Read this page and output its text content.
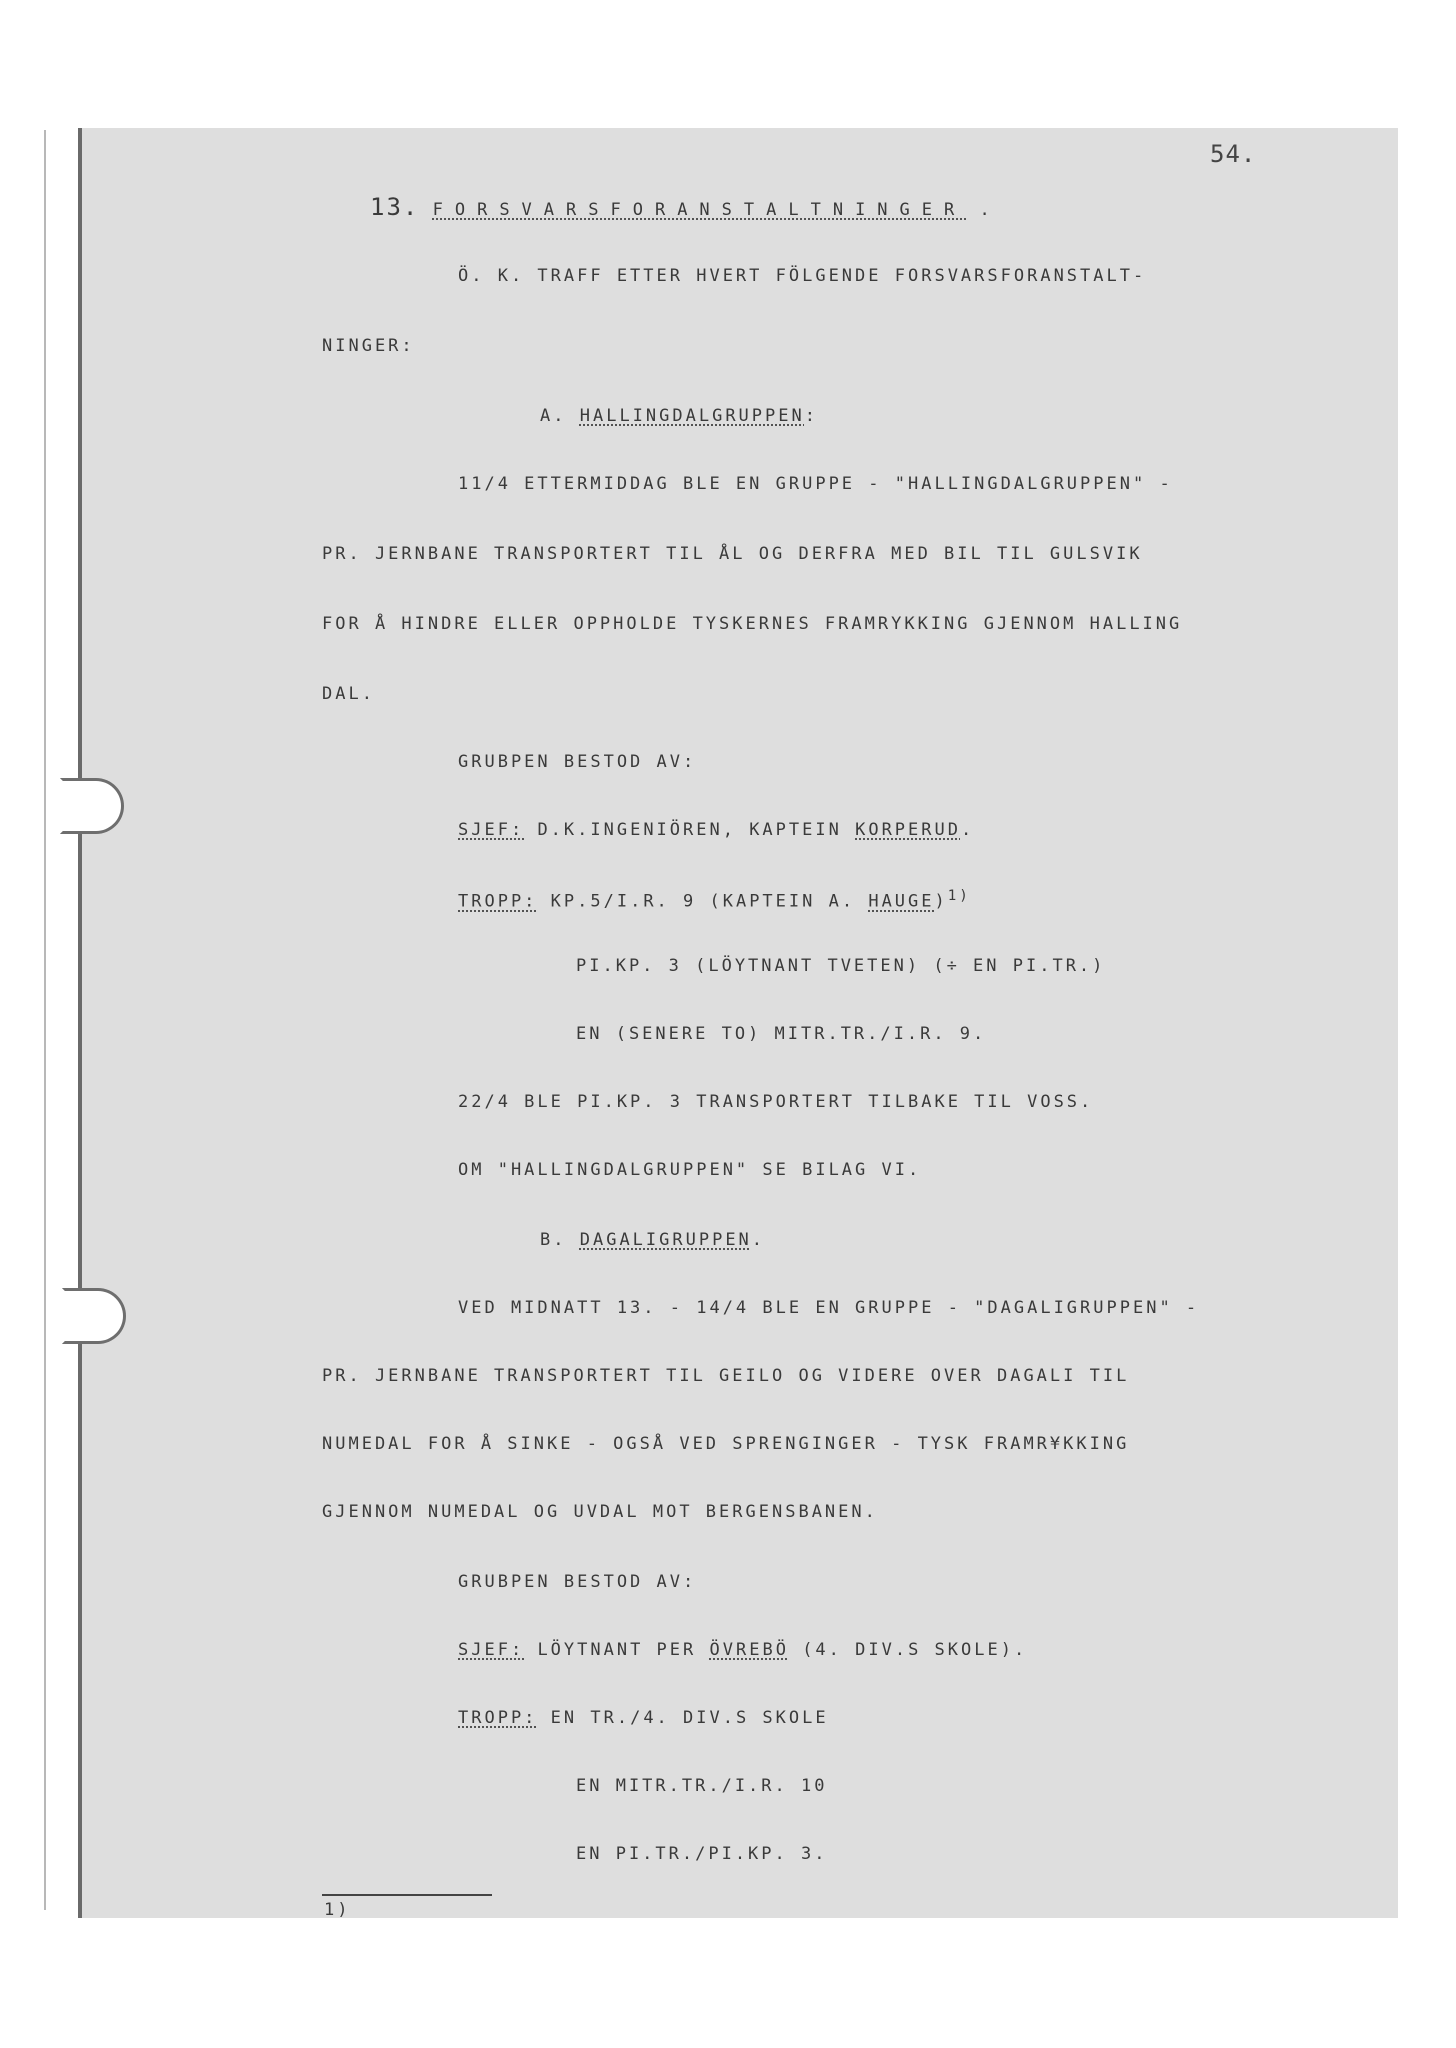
54.
13. FORSVARSFORANSTALTNINGER .
Ö. K. TRAFF ETTER HVERT FÖLGENDE FORSVARSFORANSTALT-
NINGER:
A. HALLINGDALGRUPPEN:
11/4 ETTERMIDDAG BLE EN GRUPPE - "HALLINGDALGRUPPEN" -
PR. JERNBANE TRANSPORTERT TIL ÅL OG DERFRA MED BIL TIL GULSVIK
FOR Å HINDRE ELLER OPPHOLDE TYSKERNES FRAMRYKKING GJENNOM HALLING
DAL.
GRUBPEN BESTOD AV:
SJEF: D.K.INGENIÖREN, KAPTEIN KORPERUD.
TROPP: KP.5/I.R. 9 (KAPTEIN A. HAUGE)$^{1)}$
PI.KP. 3 (LÖYTNANT TVETEN) (÷ EN PI.TR.)
EN (SENERE TO) MITR.TR./I.R. 9.
22/4 BLE PI.KP. 3 TRANSPORTERT TILBAKE TIL VOSS.
OM "HALLINGDALGRUPPEN" SE BILAG VI.
B. DAGALIGRUPPEN.
VED MIDNATT 13. - 14/4 BLE EN GRUPPE - "DAGALIGRUPPEN" -
PR. JERNBANE TRANSPORTERT TIL GEILO OG VIDERE OVER DAGALI TIL
NUMEDAL FOR Å SINKE - OGSÅ VED SPRENGINGER - TYSK FRAMR¥KKING
GJENNOM NUMEDAL OG UVDAL MOT BERGENSBANEN.
GRUBPEN BESTOD AV:
SJEF: LÖYTNANT PER ÖVREBÖ (4. DIV.S SKOLE).
TROPP: EN TR./4. DIV.S SKOLE
EN MITR.TR./I.R. 10
EN PI.TR./PI.KP. 3.
1)
